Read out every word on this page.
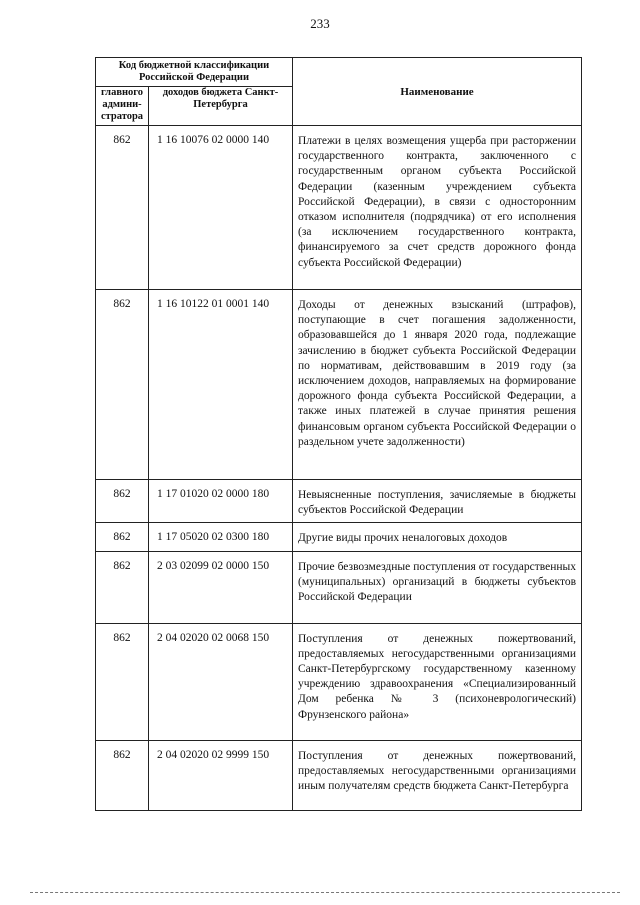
233
Код бюджетной классификации Российской Федерации		Наименование
главного админи-стратора	доходов бюджета Санкт-Петербурга	
862	1 16 10076 02 0000 140	Платежи в целях возмещения ущерба при расторжении государственного контракта, заключенного с государственным органом субъекта Российской Федерации (казенным учреждением субъекта Российской Федерации), в связи с односторонним отказом исполнителя (подрядчика) от его исполнения (за исключением государственного контракта, финансируемого за счет средств дорожного фонда субъекта Российской Федерации)
862	1 16 10122 01 0001 140	Доходы от денежных взысканий (штрафов), поступающие в счет погашения задолженности, образовавшейся до 1 января 2020 года, подлежащие зачислению в бюджет субъекта Российской Федерации по нормативам, действовавшим в 2019 году (за исключением доходов, направляемых на формирование дорожного фонда субъекта Российской Федерации, а также иных платежей в случае принятия решения финансовым органом субъекта Российской Федерации о раздельном учете задолженности)
862	1 17 01020 02 0000 180	Невыясненные поступления, зачисляемые в бюджеты субъектов Российской Федерации
862	1 17 05020 02 0300 180	Другие виды прочих неналоговых доходов
862	2 03 02099 02 0000 150	Прочие безвозмездные поступления от государственных (муниципальных) организаций в бюджеты субъектов Российской Федерации
862	2 04 02020 02 0068 150	Поступления от денежных пожертвований, предоставляемых негосударственными организациями Санкт-Петербургскому государственному казенному учреждению здравоохранения «Специализированный Дом ребенка № 3 (психоневрологический) Фрунзенского района»
862	2 04 02020 02 9999 150	Поступления от денежных пожертвований, предоставляемых негосударственными организациями иным получателям средств бюджета Санкт-Петербурга
